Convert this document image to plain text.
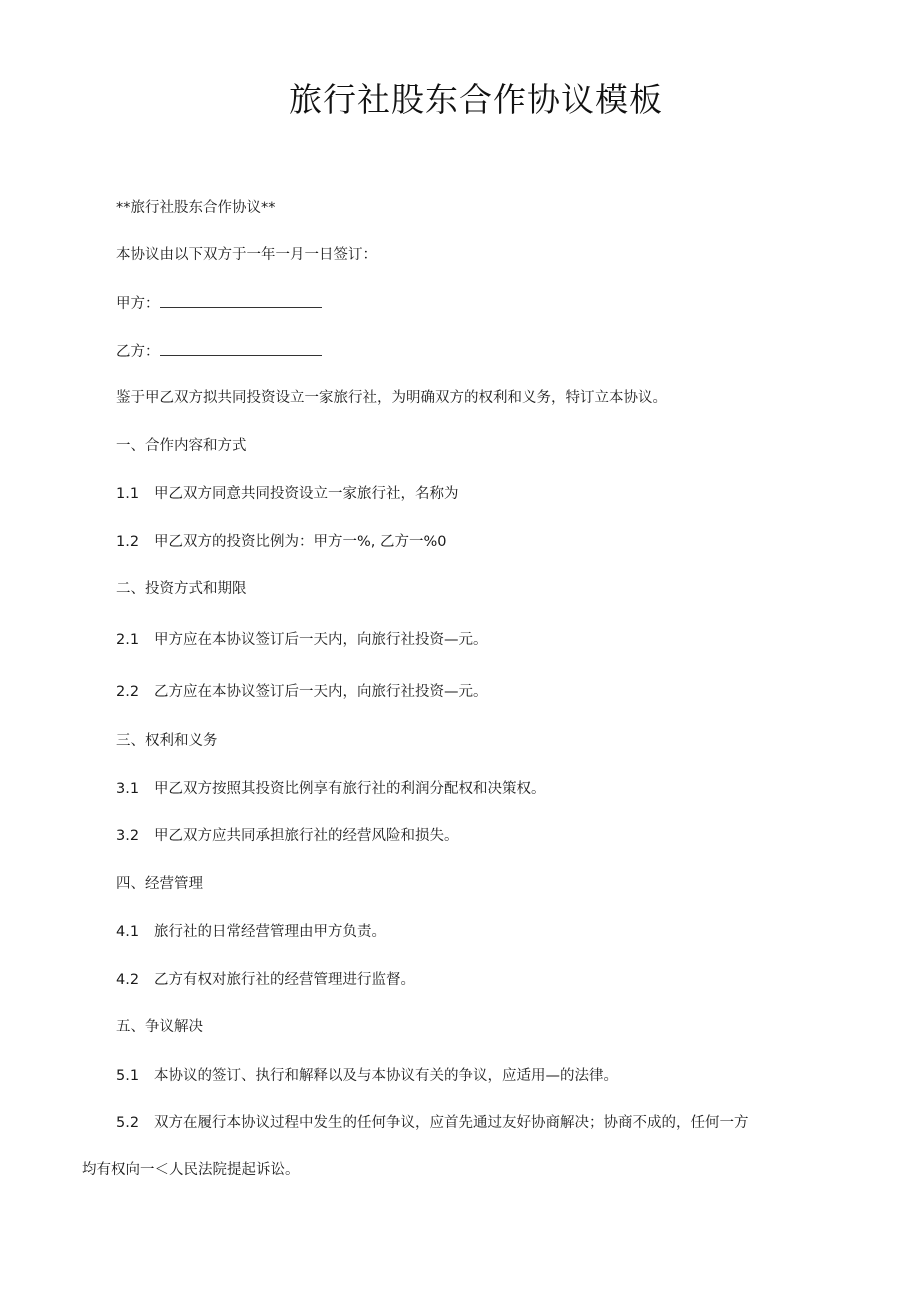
旅行社股东合作协议模板

**旅行社股东合作协议**

本协议由以下双方于一年一月一日签订：

甲方：

乙方：

鉴于甲乙双方拟共同投资设立一家旅行社，为明确双方的权利和义务，特订立本协议。

一、合作内容和方式

1.1 甲乙双方同意共同投资设立一家旅行社，名称为

1.2 甲乙双方的投资比例为：甲方一%, 乙方一%0

二、投资方式和期限

2.1 甲方应在本协议签订后一天内，向旅行社投资—元。

2.2 乙方应在本协议签订后一天内，向旅行社投资—元。

三、权利和义务

3.1 甲乙双方按照其投资比例享有旅行社的利润分配权和决策权。

3.2 甲乙双方应共同承担旅行社的经营风险和损失。

四、经营管理

4.1 旅行社的日常经营管理由甲方负责。

4.2 乙方有权对旅行社的经营管理进行监督。

五、争议解决

5.1 本协议的签订、执行和解释以及与本协议有关的争议，应适用—的法律。

5.2 双方在履行本协议过程中发生的任何争议，应首先通过友好协商解决；协商不成的，任何一方

均有权向一＜人民法院提起诉讼。
